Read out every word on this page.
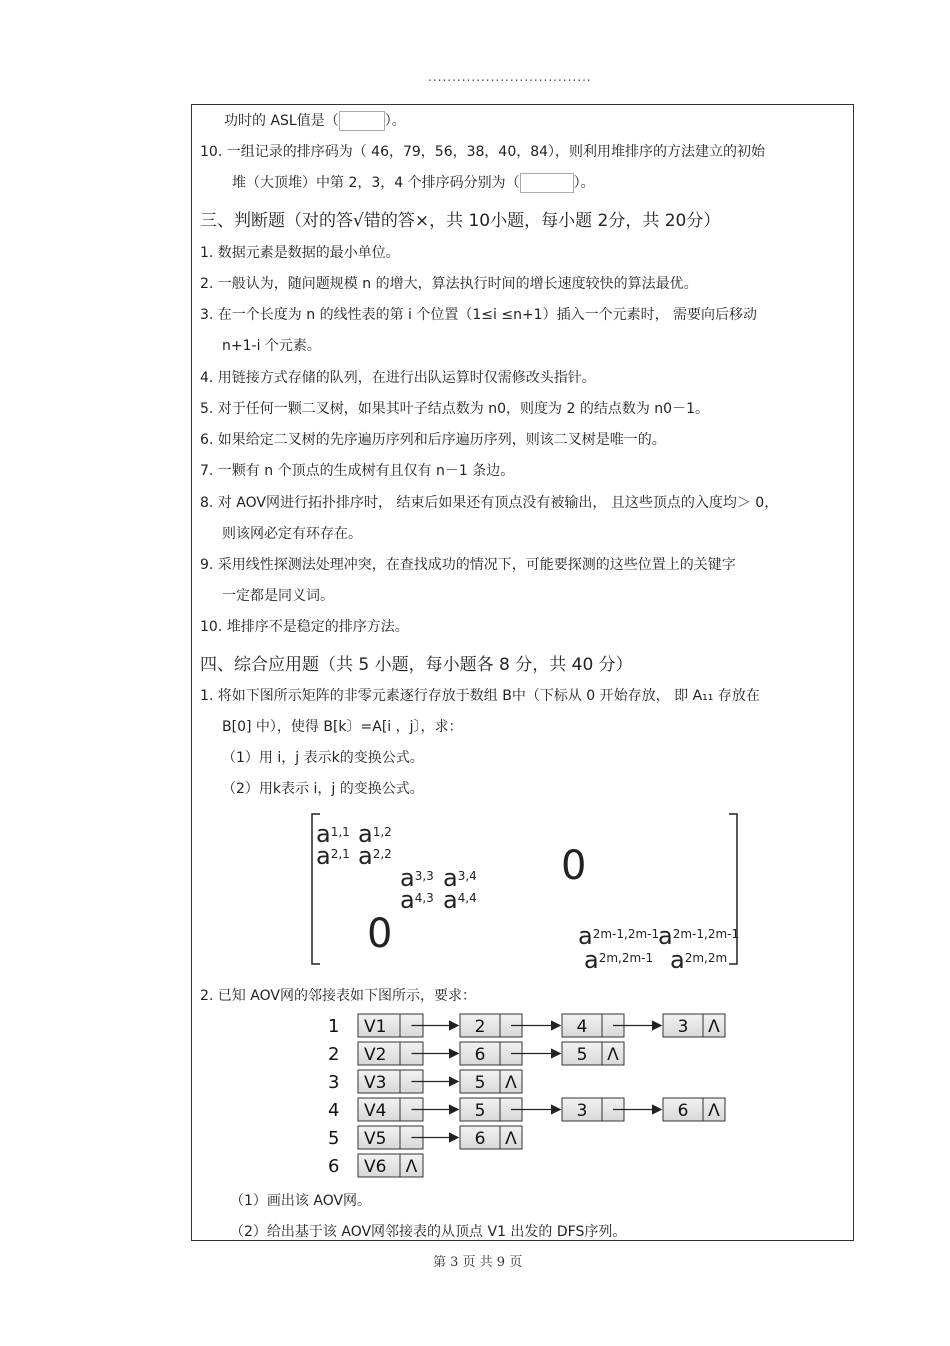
..................................
功时的 ASL值是（	）。
10. 一组记录的排序码为（ 46，79，56，38，40，84），则利用堆排序的方法建立的初始
堆（大顶堆）中第 2，3，4 个排序码分别为（	）。
三、判断题（对的答√错的答×，共 10小题，每小题 2分，共 20分）
1. 数据元素是数据的最小单位。
2. 一般认为，随问题规模 n 的增大，算法执行时间的增长速度较快的算法最优。
3. 在一个长度为 n 的线性表的第 i 个位置（1≤i ≤n+1）插入一个元素时， 需要向后移动
n+1-i 个元素。
4. 用链接方式存储的队列，在进行出队运算时仅需修改头指针。
5. 对于任何一颗二叉树，如果其叶子结点数为 n0，则度为 2 的结点数为 n0－1。
6. 如果给定二叉树的先序遍历序列和后序遍历序列，则该二叉树是唯一的。
7. 一颗有 n 个顶点的生成树有且仅有 n－1 条边。
8. 对 AOV网进行拓扑排序时， 结束后如果还有顶点没有被输出， 且这些顶点的入度均＞ 0，
则该网必定有环存在。
9. 采用线性探测法处理冲突，在查找成功的情况下，可能要探测的这些位置上的关键字
一定都是同义词。
10. 堆排序不是稳定的排序方法。
四、综合应用题（共 5 小题，每小题各 8 分，共 40 分）
1. 将如下图所示矩阵的非零元素逐行存放于数组 B中（下标从 0 开始存放， 即 A₁₁ 存放在
B[0] 中），使得 B[k〕=A[i ，j〕，求：
（1）用 i，j 表示k的变换公式。
（2）用k表示 i，j 的变换公式。
$a^{1,1}$ $a^{1,2}$
$a^{2,1}$ $a^{2,2}$
$a^{3,3}$ $a^{3,4}$
$a^{4,3}$ $a^{4,4}$
0
0	$a^{2m-1,2m-1}$
$a^{2m-1,2m-1}$
$a^{2m,2m-1}$ $a^{2m,2m}$
2. 已知 AOV网的邻接表如下图所示，要求：
1 V1	2	4	3 Λ
2 V2	6	5 Λ
3 V3	5 Λ
4 V4	5	3	6 Λ
5 V5	6 Λ
6 V6 Λ
（1）画出该 AOV网。
（2）给出基于该 AOV网邻接表的从顶点 V1 出发的 DFS序列。
第 3 页 共 9 页
